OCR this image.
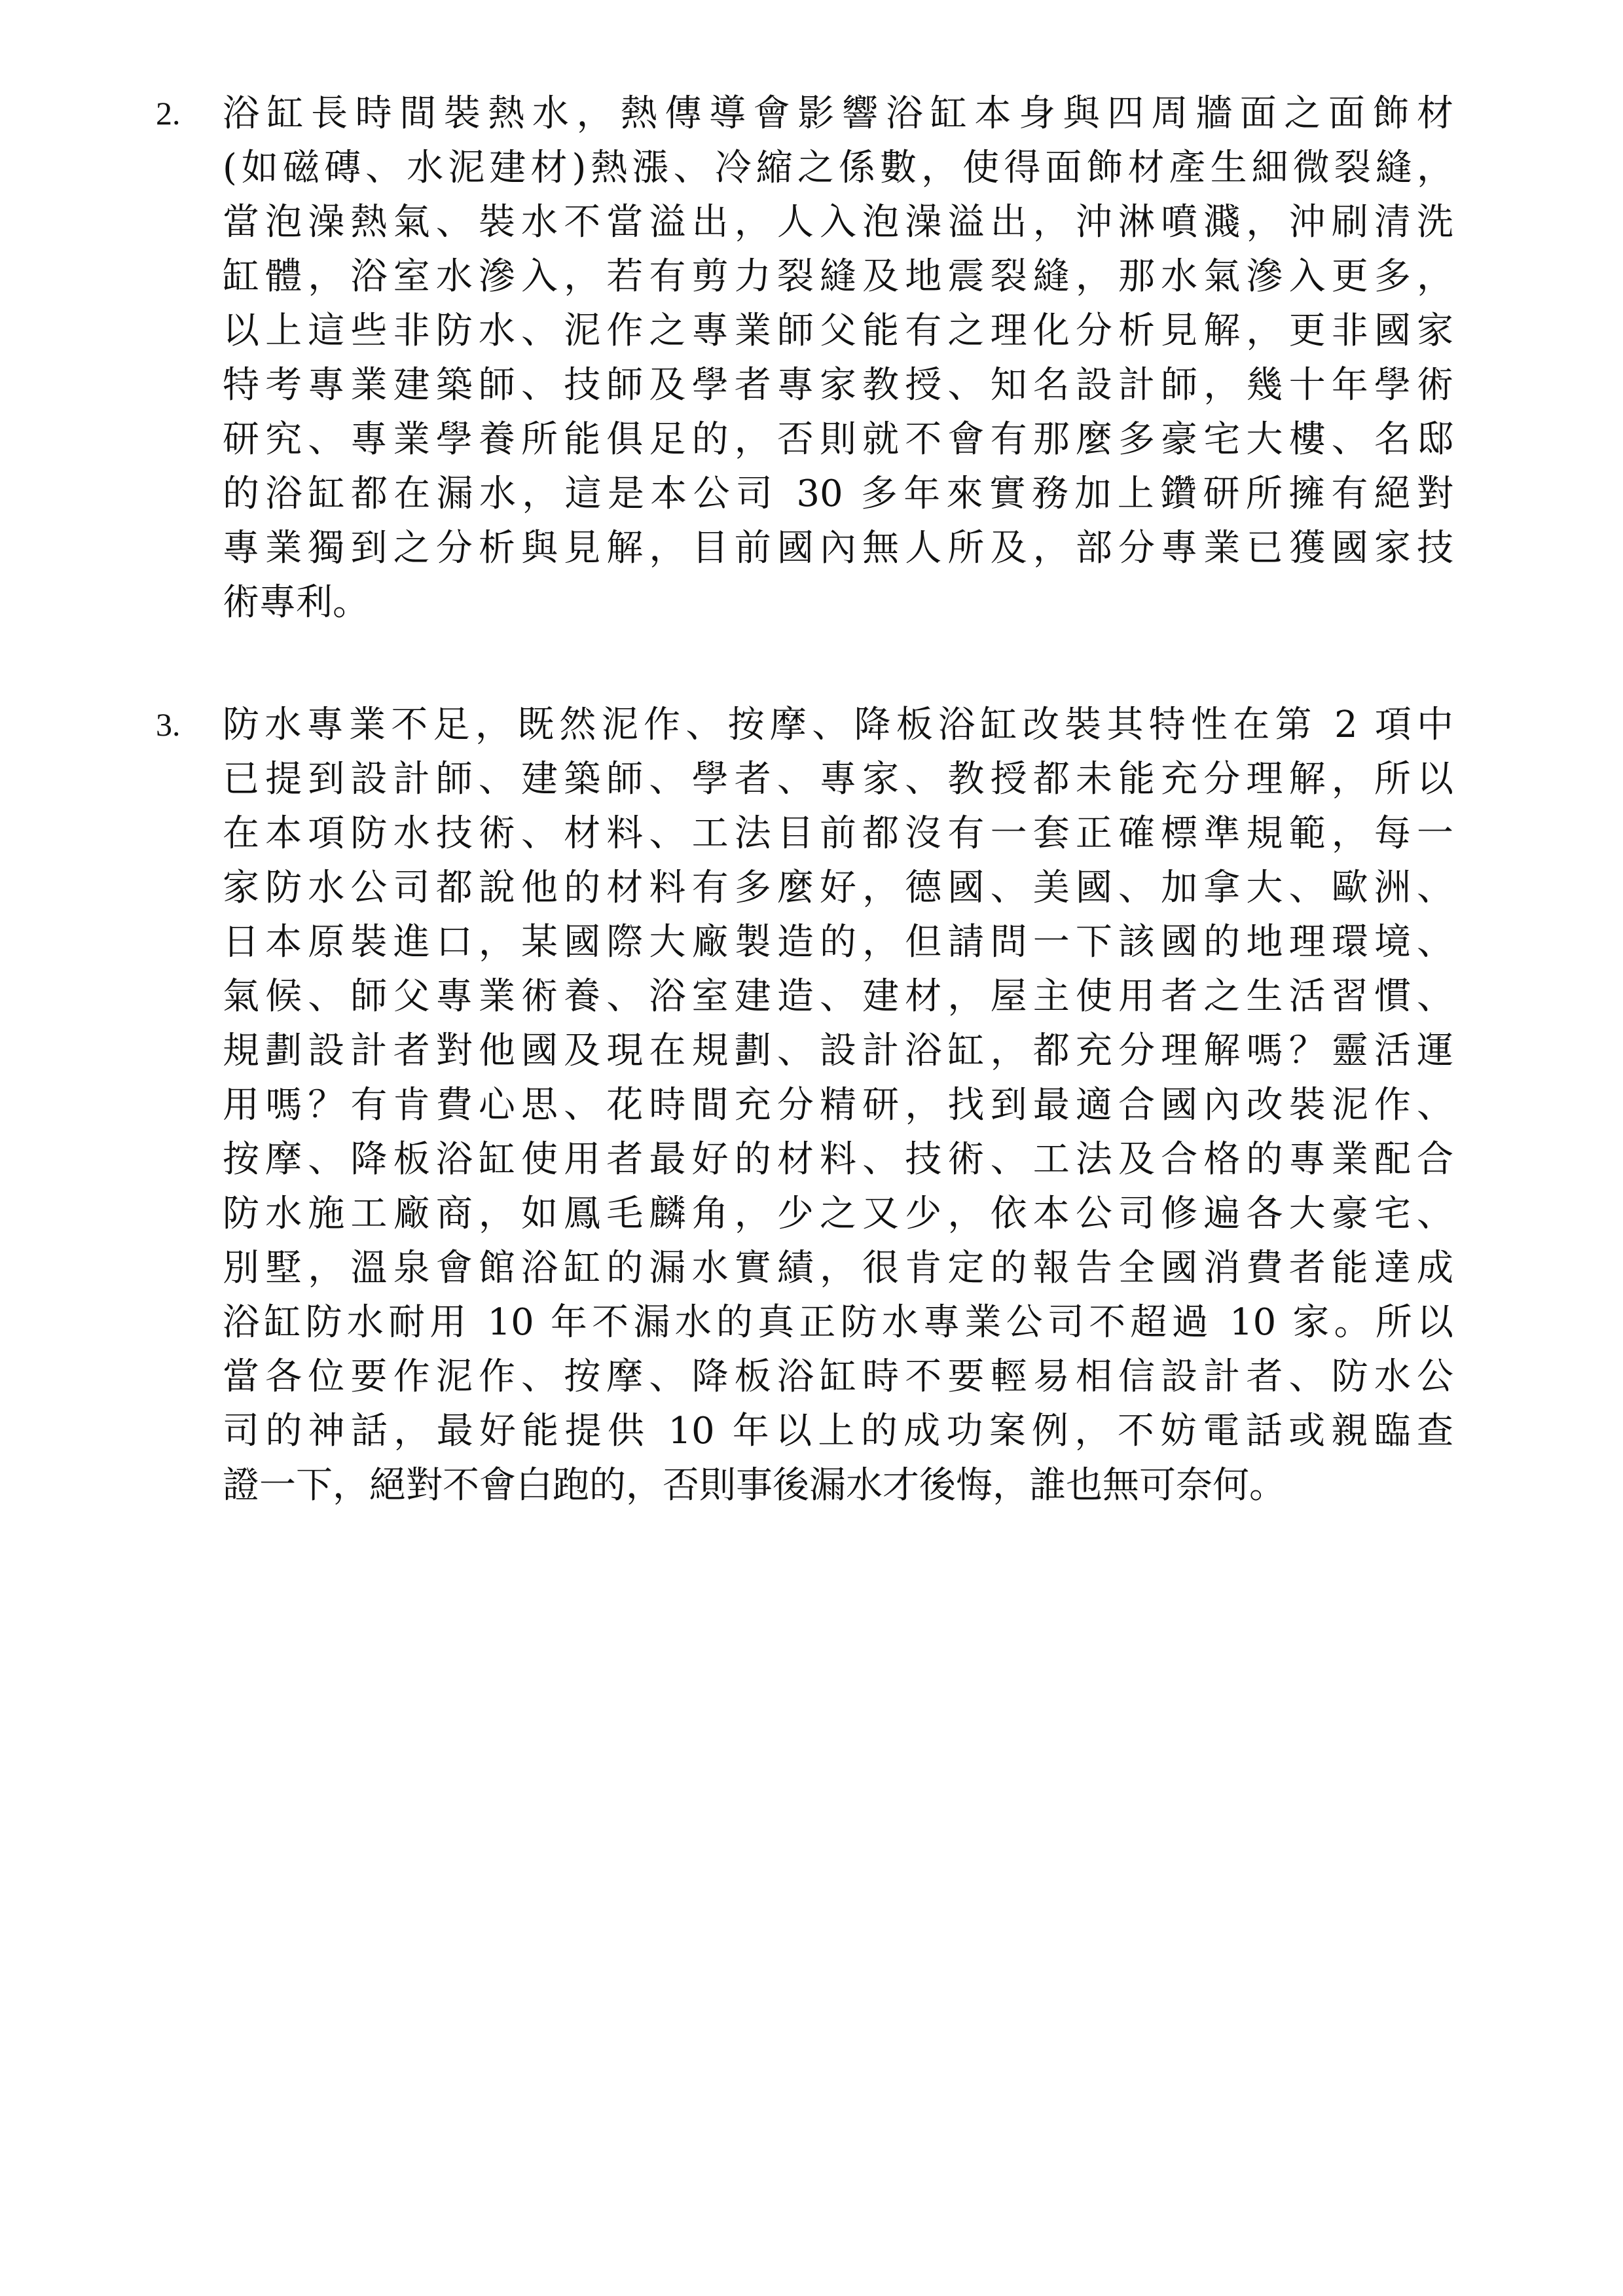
2. 浴缸長時間裝熱水，熱傳導會影響浴缸本身與四周牆面之面飾材
(如磁磚、水泥建材)熱漲、冷縮之係數，使得面飾材產生細微裂縫，
當泡澡熱氣、裝水不當溢出，人入泡澡溢出，沖淋噴濺，沖刷清洗
缸體，浴室水滲入，若有剪力裂縫及地震裂縫，那水氣滲入更多，
以上這些非防水、泥作之專業師父能有之理化分析見解，更非國家
特考專業建築師、技師及學者專家教授、知名設計師，幾十年學術
研究、專業學養所能俱足的，否則就不會有那麼多豪宅大樓、名邸
的浴缸都在漏水，這是本公司 30 多年來實務加上鑽研所擁有絕對
專業獨到之分析與見解，目前國內無人所及，部分專業已獲國家技
術專利。
3. 防水專業不足，既然泥作、按摩、降板浴缸改裝其特性在第 2 項中
已提到設計師、建築師、學者、專家、教授都未能充分理解，所以
在本項防水技術、材料、工法目前都沒有一套正確標準規範，每一
家防水公司都說他的材料有多麼好，德國、美國、加拿大、歐洲、
日本原裝進口，某國際大廠製造的，但請問一下該國的地理環境、
氣候、師父專業術養、浴室建造、建材，屋主使用者之生活習慣、
規劃設計者對他國及現在規劃、設計浴缸，都充分理解嗎？靈活運
用嗎？有肯費心思、花時間充分精研，找到最適合國內改裝泥作、
按摩、降板浴缸使用者最好的材料、技術、工法及合格的專業配合
防水施工廠商，如鳳毛麟角，少之又少，依本公司修遍各大豪宅、
別墅，溫泉會館浴缸的漏水實績，很肯定的報告全國消費者能達成
浴缸防水耐用 10 年不漏水的真正防水專業公司不超過 10 家。所以
當各位要作泥作、按摩、降板浴缸時不要輕易相信設計者、防水公
司的神話，最好能提供 10 年以上的成功案例，不妨電話或親臨查
證一下，絕對不會白跑的，否則事後漏水才後悔，誰也無可奈何。
